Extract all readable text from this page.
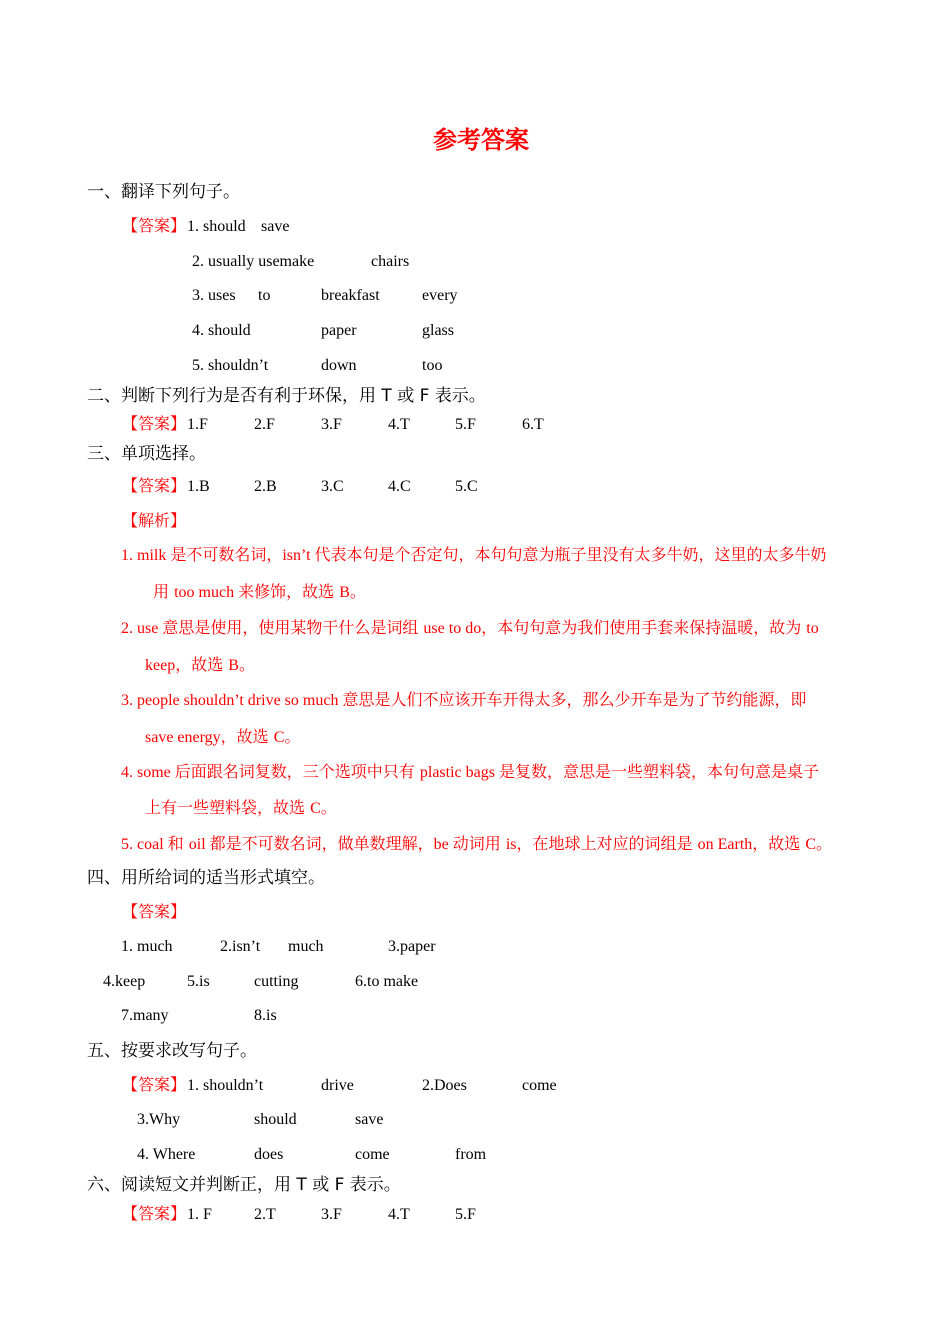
参考答案
一、翻译下列句子。
【答案】 1. should save
2. usually usemake	chairs
3. uses to	breakfast	every
4. should	paper	glass
5. shouldn’t	down	too
二、判断下列行为是否有利于环保，用 T 或 F 表示。
【答案】 1.F	2.F	3.F	4.T	5.F	6.T
三、单项选择。
【答案】 1.B	2.B	3.C	4.C	5.C
【解析】
1. milk 是不可数名词，isn’t 代表本句是个否定句，本句句意为瓶子里没有太多牛奶，这里的太多牛奶
用 too much 来修饰，故选 B。
2. use 意思是使用，使用某物干什么是词组 use to do，本句句意为我们使用手套来保持温暖，故为 to
keep，故选 B。
3. people shouldn’t drive so much 意思是人们不应该开车开得太多，那么少开车是为了节约能源，即
save energy，故选 C。
4. some 后面跟名词复数，三个选项中只有 plastic bags 是复数，意思是一些塑料袋，本句句意是桌子
上有一些塑料袋，故选 C。
5. coal 和 oil 都是不可数名词，做单数理解，be 动词用 is，在地球上对应的词组是 on Earth，故选 C。
四、用所给词的适当形式填空。
【答案】
1. much	2.isn’t much	3.paper
4.keep	5.is	cutting	6.to make
7.many	8.is
五、按要求改写句子。
【答案】 1. shouldn’t	drive	2.Does	come
3.Why	should	save
4. Where	does	come	from
六、阅读短文并判断正，用 T 或 F 表示。
【答案】 1. F	2.T	3.F	4.T	5.F
